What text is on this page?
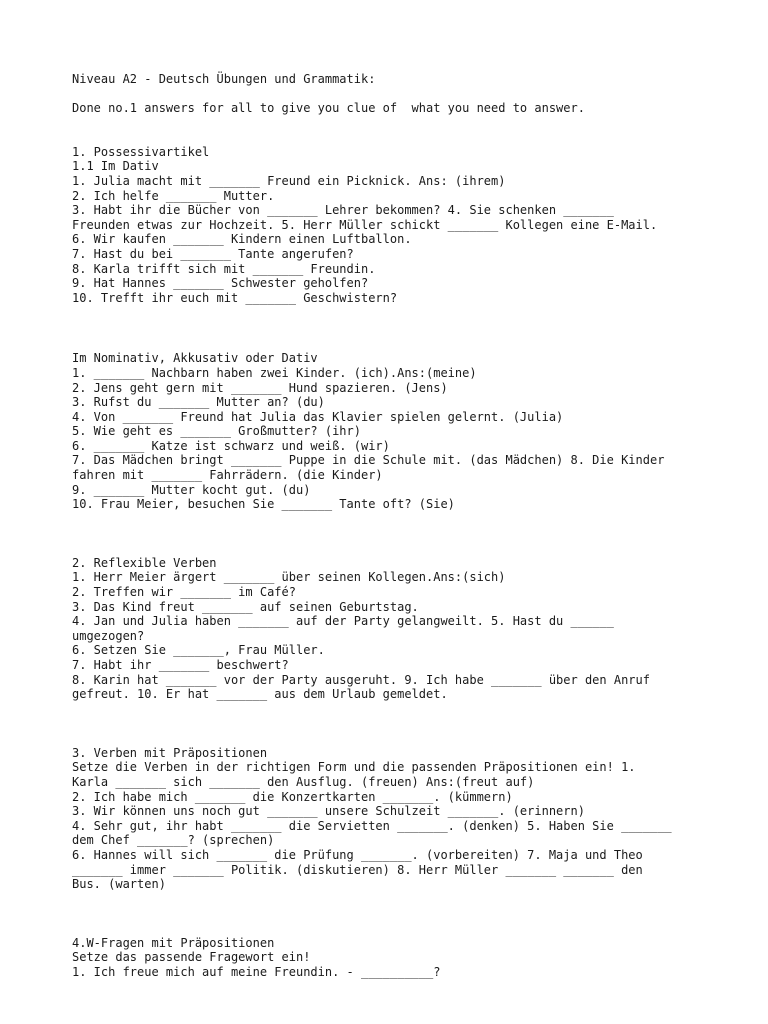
Niveau A2 - Deutsch Übungen und Grammatik:
Done no.1 answers for all to give you clue of  what you need to answer.
1. Possessivartikel
1.1 Im Dativ
1. Julia macht mit _______ Freund ein Picknick. Ans: (ihrem)
2. Ich helfe _______ Mutter.
3. Habt ihr die Bücher von _______ Lehrer bekommen? 4. Sie schenken _______
Freunden etwas zur Hochzeit. 5. Herr Müller schickt _______ Kollegen eine E-Mail.
6. Wir kaufen _______ Kindern einen Luftballon.
7. Hast du bei _______ Tante angerufen?
8. Karla trifft sich mit _______ Freundin.
9. Hat Hannes _______ Schwester geholfen?
10. Trefft ihr euch mit _______ Geschwistern?
Im Nominativ, Akkusativ oder Dativ
1. _______ Nachbarn haben zwei Kinder. (ich).Ans:(meine)
2. Jens geht gern mit _______ Hund spazieren. (Jens)
3. Rufst du _______ Mutter an? (du)
4. Von _______ Freund hat Julia das Klavier spielen gelernt. (Julia)
5. Wie geht es _______ Großmutter? (ihr)
6. _______ Katze ist schwarz und weiß. (wir)
7. Das Mädchen bringt _______ Puppe in die Schule mit. (das Mädchen) 8. Die Kinder
fahren mit _______ Fahrrädern. (die Kinder)
9. _______ Mutter kocht gut. (du)
10. Frau Meier, besuchen Sie _______ Tante oft? (Sie)
2. Reflexible Verben
1. Herr Meier ärgert _______ über seinen Kollegen.Ans:(sich)
2. Treffen wir _______ im Café?
3. Das Kind freut _______ auf seinen Geburtstag.
4. Jan und Julia haben _______ auf der Party gelangweilt. 5. Hast du ______
umgezogen?
6. Setzen Sie _______, Frau Müller.
7. Habt ihr _______ beschwert?
8. Karin hat _______ vor der Party ausgeruht. 9. Ich habe _______ über den Anruf
gefreut. 10. Er hat _______ aus dem Urlaub gemeldet.
3. Verben mit Präpositionen
Setze die Verben in der richtigen Form und die passenden Präpositionen ein! 1.
Karla _______ sich _______ den Ausflug. (freuen) Ans:(freut auf)
2. Ich habe mich _______ die Konzertkarten _______. (kümmern)
3. Wir können uns noch gut _______ unsere Schulzeit _______. (erinnern)
4. Sehr gut, ihr habt _______ die Servietten _______. (denken) 5. Haben Sie _______
dem Chef _______? (sprechen)
6. Hannes will sich _______ die Prüfung _______. (vorbereiten) 7. Maja und Theo
_______ immer _______ Politik. (diskutieren) 8. Herr Müller _______ _______ den
Bus. (warten)
4.W-Fragen mit Präpositionen
Setze das passende Fragewort ein!
1. Ich freue mich auf meine Freundin. - __________?
